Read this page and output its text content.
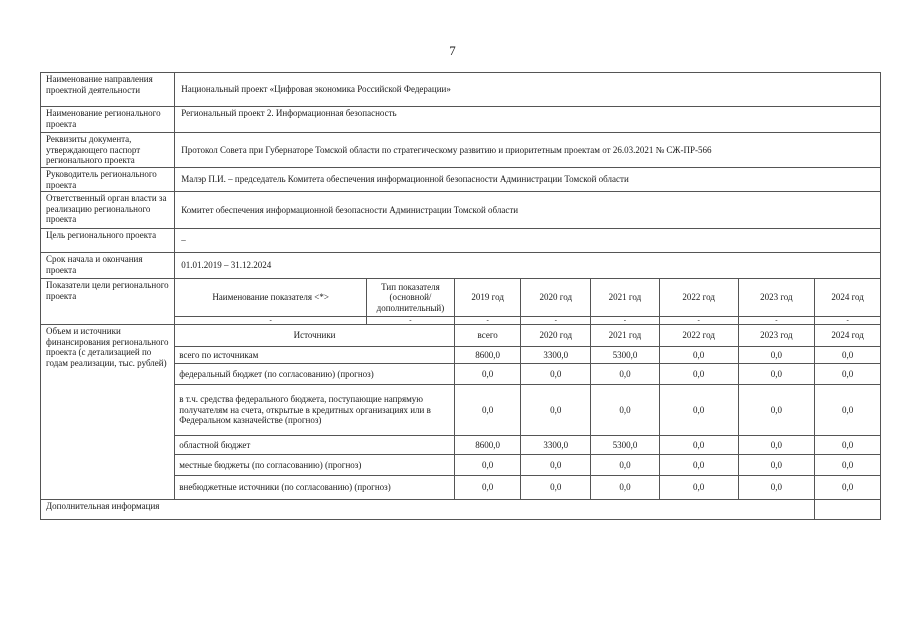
7
Наименование направления проектной деятельности	Национальный проект «Цифровая экономика Российской Федерации»							
Наименование регионального проекта	Региональный проект 2. Информационная безопасность							
Реквизиты документа, утверждающего паспорт регионального проекта	Протокол Совета при Губернаторе Томской области по стратегическому развитию и приоритетным проектам от 26.03.2021 № СЖ-ПР-566							
Руководитель регионального проекта	Малэр П.И. – председатель Комитета обеспечения информационной безопасности Администрации Томской области							
Ответственный орган власти за реализацию регионального проекта	Комитет обеспечения информационной безопасности Администрации Томской области							
Цель регионального проекта	–							
Срок начала и окончания проекта	01.01.2019 – 31.12.2024							
Показатели цели регионального проекта	Наименование показателя <*>	Тип показателя (основной/ дополнительный)	2019 год	2020 год	2021 год	2022 год	2023 год	2024 год
	-	-	-	-	-	-	-	-
Объем и источники финансирования регионального проекта (с детализацией по годам реализации, тыс. рублей)	Источники		всего	2020 год	2021 год	2022 год	2023 год	2024 год
	всего по источникам		8600,0	3300,0	5300,0	0,0	0,0	0,0
	федеральный бюджет (по согласованию) (прогноз)		0,0	0,0	0,0	0,0	0,0	0,0
	в т.ч. средства федерального бюджета, поступающие напрямую получателям на счета, открытые в кредитных организациях или в Федеральном казначействе (прогноз)		0,0	0,0	0,0	0,0	0,0	0,0
	областной бюджет		8600,0	3300,0	5300,0	0,0	0,0	0,0
	местные бюджеты (по согласованию) (прогноз)		0,0	0,0	0,0	0,0	0,0	0,0
	внебюджетные источники (по согласованию) (прогноз)		0,0	0,0	0,0	0,0	0,0	0,0
Дополнительная информация								
